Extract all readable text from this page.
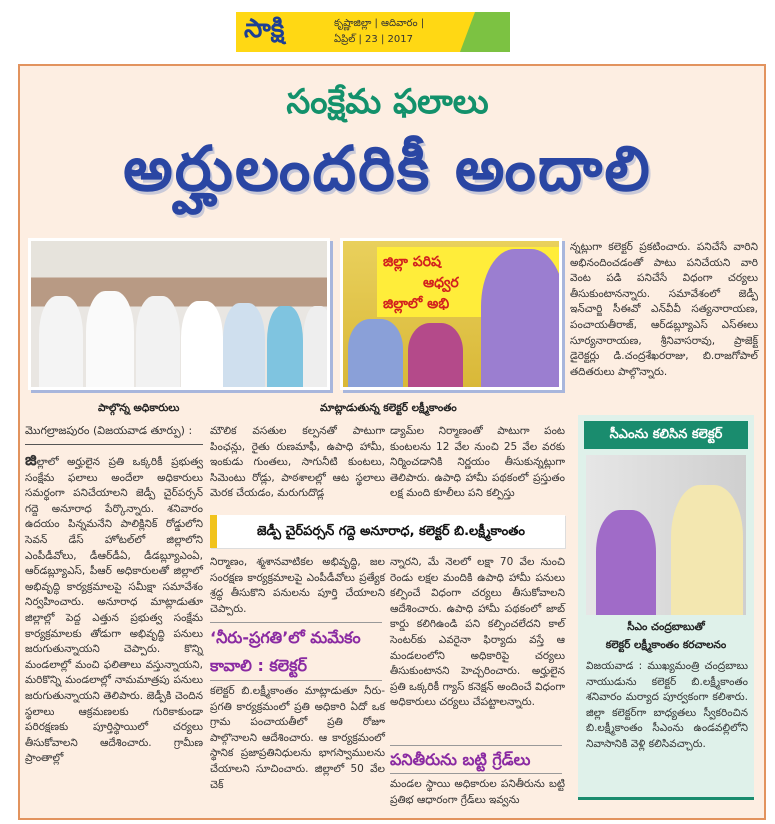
సాక్షి	కృష్ణాజిల్లా | ఆదివారం |
ఏప్రిల్ | 23 | 2017
సంక్షేమ ఫలాలు
అర్హులందరికీ అందాలి
పాల్గొన్న అధికారులు
జిల్లా పరిష
ఆధ్వర
జిల్లాలో అభి
మాట్లాడుతున్న కలెక్టర్ లక్ష్మీకాంతం
న్నట్లుగా కలెక్టర్ ప్రకటించారు. పనిచేసే వారిని అభినందించడంతో పాటు పనిచేయని వారి వెంట పడి పనిచేసే విధంగా చర్యలు తీసుకుంటానన్నారు. సమావేశంలో జెడ్పీ ఇన్‌చార్జి సీఈవో ఎన్‌వీవీ సత్యనారాయణ, పంచాయతీరాజ్, ఆర్‌డబ్ల్యూఎస్ ఎస్‌ఈలు సూర్యనారాయణ, శ్రీనివాసరావు, ప్రాజెక్ట్ డైరెక్టర్లు డి.చంద్రశేఖరరాజు, బి.రాజగోపాల్ తదితరులు పాల్గొన్నారు.
మొగల్రాజపురం (విజయవాడ తూర్పు) :
జిల్లాలో అర్హులైన ప్రతి ఒక్కరికీ ప్రభుత్వ సంక్షేమ ఫలాలు అందేలా అధికారులు సమర్థంగా పనిచేయాలని జెడ్పీ చైర్‌పర్సన్ గద్దె అనూరాధ పేర్కొన్నారు. శనివారం ఉదయం పిన్నమనేని పాలిక్లినిక్ రోడ్డులోని సెవన్ డేస్ హోటల్‌లో జిల్లాలోని ఎంపీడీవోలు, డీఆర్‌డీఏ, డీడబ్ల్యూఎంఏ, ఆర్‌డబ్ల్యూఎస్, పీఆర్ అధికారులతో జిల్లాలో అభివృద్ధి కార్యక్రమాలపై సమీక్షా సమావేశం నిర్వహించారు. అనూరాధ మాట్లాడుతూ జిల్లాల్లో పెద్ద ఎత్తున ప్రభుత్వ సంక్షేమ కార్యక్రమాలకు తోడుగా అభివృద్ధి పనులు జరుగుతున్నాయని చెప్పారు. కొన్ని మండలాల్లో మంచి ఫలితాలు వస్తున్నాయని, మరికొన్ని మండలాల్లో నామమాత్రపు పనులు జరుగుతున్నాయని తెలిపారు. జెడ్పీకి చెందిన స్థలాలు ఆక్రమణలకు గురికాకుండా పరిరక్షణకు పూర్తిస్థాయిలో చర్యలు తీసుకోవాలని ఆదేశించారు. గ్రామీణ ప్రాంతాల్లో
మౌలిక వసతుల కల్పనతో పాటుగా పింఛన్లు, రైతు రుణమాఫీ, ఉపాధి హామీ, ఇంకుడు గుంతలు, సాగునీటి కుంటలు, సిమెంటు రోడ్లు, పాఠశాలల్లో ఆట స్థలాలు మెరక చేయడం, మరుగుదొడ్ల
డ్యామ్‌ల నిర్మాణంతో పాటుగా పంట కుంటలను 12 వేల నుంచి 25 వేల వరకు నిర్మించడానికి నిర్ణయం తీసుకున్నట్లుగా తెలిపారు. ఉపాధి హామీ పథకంలో ప్రస్తుతం లక్ష మంది కూలీలు పని కల్పిస్తు
జెడ్పీ చైర్‌పర్సన్ గద్దె అనూరాధ, కలెక్టర్ బి.లక్ష్మీకాంతం
నిర్మాణం, శ్మశానవాటికల అభివృద్ధి, జల సంరక్షణ కార్యక్రమాలపై ఎంపీడీవోలు ప్రత్యేక శ్రద్ధ తీసుకొని పనులను పూర్తి చేయాలని చెప్పారు.
‘నీరు-ప్రగతి’లో మమేకం
కావాలి : కలెక్టర్
కలెక్టర్ బి.లక్ష్మీకాంతం మాట్లాడుతూ నీరు-ప్రగతి కార్యక్రమంలో ప్రతి అధికారి ఏదో ఒక గ్రామ పంచాయతీలో ప్రతి రోజూ పాల్గొనాలని ఆదేశించారు. ఆ కార్యక్రమంలో స్థానిక ప్రజాప్రతినిధులను భాగస్వాములను చేయాలని సూచించారు. జిల్లాలో 50 వేల చెక్
న్నారని, మే నెలలో లక్షా 70 వేల నుంచి రెండు లక్షల మందికి ఉపాధి హామీ పనులు కల్పించే విధంగా చర్యలు తీసుకోవాలని ఆదేశించారు. ఉపాధి హామీ పథకంలో జాబ్ కార్డు కలిగిఉండి పని కల్పించలేదని కాల్ సెంటర్‌కు ఎవరైనా ఫిర్యాదు వస్తే ఆ మండలంలోని అధికారిపై చర్యలు తీసుకుంటానని హెచ్చరించారు. అర్హులైన ప్రతి ఒక్కరికీ గ్యాస్ కనెక్షన్ అందించే విధంగా అధికారులు చర్యలు చేపట్టాలన్నారు.
పనితీరును బట్టి గ్రేడ్‌లు
మండల స్థాయి అధికారుల పనితీరును బట్టి ప్రతిభ ఆధారంగా గ్రేడ్‌లు ఇవ్వను
సీఎంను కలిసిన కలెక్టర్
సీఎం చంద్రబాబుతో
కలెక్టర్ లక్ష్మీకాంతం కరచాలనం
విజయవాడ : ముఖ్యమంత్రి చంద్రబాబు నాయుడును కలెక్టర్ బి.లక్ష్మీకాంతం శనివారం మర్యాద పూర్వకంగా కలిశారు. జిల్లా కలెక్టర్‌గా బాధ్యతలు స్వీకరించిన బి.లక్ష్మీకాంతం సీఎంను ఉండవల్లిలోని నివాసానికి వెళ్లి కలిసివచ్చారు.
